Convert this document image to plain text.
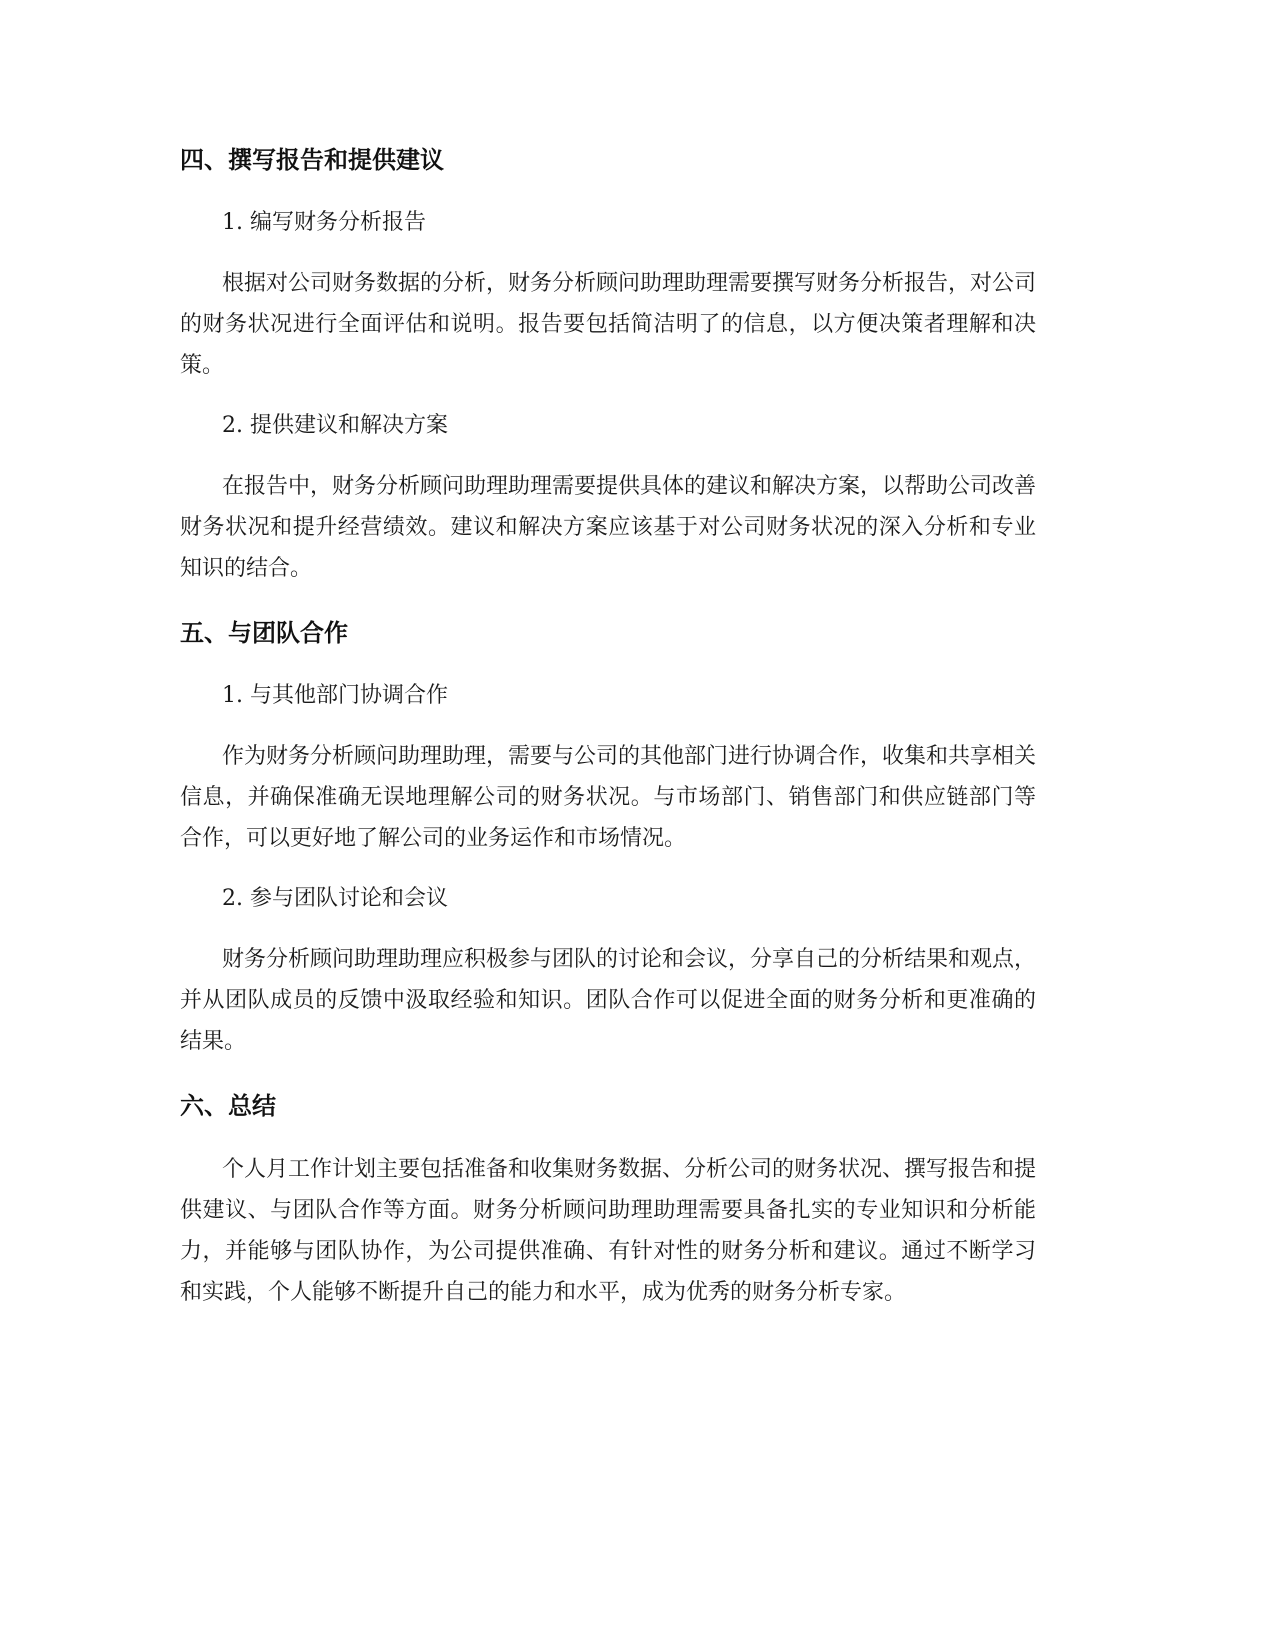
四、撰写报告和提供建议

1. 编写财务分析报告

根据对公司财务数据的分析，财务分析顾问助理助理需要撰写财务分析报告，对公司的财务状况进行全面评估和说明。报告要包括简洁明了的信息，以方便决策者理解和决策。

2. 提供建议和解决方案

在报告中，财务分析顾问助理助理需要提供具体的建议和解决方案，以帮助公司改善财务状况和提升经营绩效。建议和解决方案应该基于对公司财务状况的深入分析和专业知识的结合。

五、与团队合作

1. 与其他部门协调合作

作为财务分析顾问助理助理，需要与公司的其他部门进行协调合作，收集和共享相关信息，并确保准确无误地理解公司的财务状况。与市场部门、销售部门和供应链部门等合作，可以更好地了解公司的业务运作和市场情况。

2. 参与团队讨论和会议

财务分析顾问助理助理应积极参与团队的讨论和会议，分享自己的分析结果和观点，并从团队成员的反馈中汲取经验和知识。团队合作可以促进全面的财务分析和更准确的结果。

六、总结

个人月工作计划主要包括准备和收集财务数据、分析公司的财务状况、撰写报告和提供建议、与团队合作等方面。财务分析顾问助理助理需要具备扎实的专业知识和分析能力，并能够与团队协作，为公司提供准确、有针对性的财务分析和建议。通过不断学习和实践，个人能够不断提升自己的能力和水平，成为优秀的财务分析专家。
